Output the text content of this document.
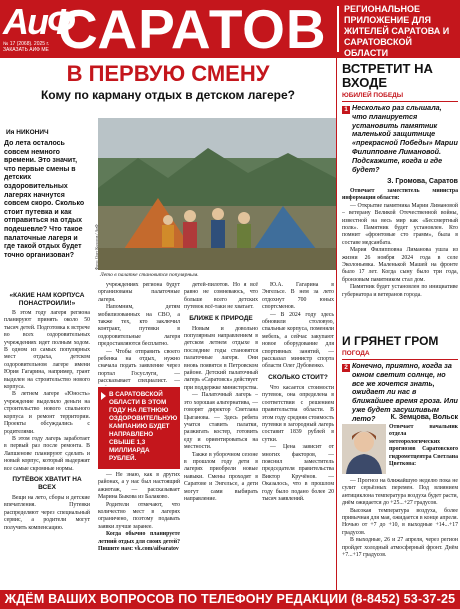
АиФ
№ 17 (2068). 2025 г.
ЗАКАЗАТЬ АИФ МЕ САРАТОВ	РЕГИОНАЛЬНОЕ ПРИЛОЖЕНИЕ ДЛЯ ЖИТЕЛЕЙ САРАТОВА И САРАТОВСКОЙ ОБЛАСТИ
В ПЕРВУЮ СМЕНУ
Кому по карману отдых в детском лагере?
Ия НИКОНИЧ
До лета осталось совсем немного времени. Это значит, что первые смены в детских оздоровительных лагерях начнутся совсем скоро. Сколько стоит путевка и как отправиться на отдых подешевле? Что такое палаточные лагеря и где такой отдых будет точно организован?
«КАКИЕ НАМ КОРПУСА ПОНАСТРОИЛИ!»

В этом году лагеря региона планируют принять около 50 тысяч детей. Подготовка к встрече во всех оздоровительных учреждениях идет полным ходом. В одном из самых популярных мест отдыха, детском оздоровительном лагере имени Юрия Гагарина, например, грант выделен на строительство нового корпуса.

В летнем лагере «Юность» учреждение выделило деньги на строительство нового спального корпуса и ремонт территории. Проекты обсуждались с родителями.

В этом году лагерь заработает в первый раз после ремонта. В Лапшенове планируют сделать и новый корпус, который выдержит все самые скромные нормы.

ПУТЁВОК ХВАТИТ НА ВСЕХ

Вещи на лето, сборы и детские впечатления. Путевки распределяют через специальный сервис, а родители могут получить компенсацию.

Фото: Олег Колосов / АиФ
Лето в палатке становится популярным.

учреждениях региона будут организованы палаточные лагеря.

Напомним, детям мобилизованных на СВО, а также тех, кто заключил контракт, путевки в оздоровительные лагеря предоставляются бесплатно.

— Чтобы отправить своего ребенка на отдых, нужно сначала подать заявление через портал Госуслуги, — рассказывает специалист. —

В САРАТОВСКОЙ ОБЛАСТИ В ЭТОМ ГОДУ НА ЛЕТНЮЮ ОЗДОРОВИТЕЛЬНУЮ КАМПАНИЮ БУДЕТ НАПРАВЛЕНО СВЫШЕ 1,3 МИЛЛИАРДА РУБЛЕЙ.

— Не знаю, как в других районах, а у нас был настоящий ажиотаж, — рассказывает Марина Быкова из Балаково.

Родители отмечают, что количество мест в лагерях ограничено, поэтому подавать заявки лучше заранее.

Когда обычно планируете летний отдых для своих детей? Пишите нам: vk.com/aifsaratov

детей-пилотов. Но я всё равно не сомневаюсь, что больше всего детских путевок всё-таки не хватает.

БЛИЖЕ К ПРИРОДЕ

Новым и довольно популярным направлением в детском летнем отдыхе в последние годы становятся палаточные лагеря. Они вновь появятся в Петровском районе. Детский палаточный лагерь «Саратовск» действует при поддержке министерства.

— Палаточный лагерь – это хорошая альтернатива, — говорит директор Светлана Цыганова. — Здесь ребята учатся ставить палатки, разжигать костер, готовить еду и ориентироваться на местности.

Также в уборочном сезоне в прошлом году дети в лагерях приобрели новые навыки. Смены проходят в Саратове и Энгельсе, а дети могут сами выбирать направление.

Ю.А. Гагарина в Энгельсе. В нем за лето отдохнут 700 юных спортсменов.

— В 2024 году здесь обновили столовую, спальные корпуса, поменяли мебель, а сейчас закупают новое оборудование для спортивных занятий, — рассказал министр спорта области Олег Дубовенко.

СКОЛЬКО СТОИТ?

Что касается стоимости путевок, она определена в соответствии с решением правительства области. В этом году средняя стоимость путевки в загородный лагерь составит 1839 рублей в сутки.

— Цена зависит от многих факторов, — пояснил заместитель председателя правительства Виктор Кручёнов. — Оказалось, что в прошлом году было подано более 20 тысяч заявлений.

ВСТРЕТИТ НА ВХОДЕ
ЮБИЛЕЙ ПОБЕДЫ
1 Несколько раз слышала, что планируется установить памятник маленькой защитнице «прекрасной Победы» Марии Филипповне Лимановой. Подскажите, когда и где будет?
З. Громова, Саратов

Отвечает заместитель министра информации области:

— Открытие памятника Марии Лимановой – ветерану Великой Отечественной войны, известной на весь мир как «Бессмертный полк». Памятник будет установлен. Кто помнит «фронтовые сто грамм», была в составе медсанбата.

Мария Филипповна Лиманова ушла из жизни 26 ноября 2024 года в селе Эколоньевка. Маленькой Машей на фронте было 17 лет. Когда сыну было три года, бронзовым памятником стал дом.

Памятник будет установлен по инициативе губернатора и ветеранов города.

И ГРЯНЕТ ГРОМ
ПОГОДА
2 Конечно, приятно, когда за окном светит солнце, но все же хочется знать, ожидает ли нас в ближайшее время гроза. Или уже будет засушливым лето?	К. Земцова, Вольск

Отвечает начальник отдела метеорологических прогнозов Саратовского гидрометцентра Светлана Цветкова:

— Прогноз на ближайшую неделю пока не сулит серьёзных перемен. Под влиянием антициклона температура воздуха будет расти, днём ожидается до +25...+27 градусов.

Высокая температура воздуха, более привычная для мая, ожидается в конце апреля. Ночью от +7 до +10, в выходные +14...+17 градусов.

В выходные, 26 и 27 апреля, через регион пройдет холодный атмосферный фронт. Днём +7...+17 градусов.

ЖДЁМ ВАШИХ ВОПРОСОВ ПО ТЕЛЕФОНУ РЕДАКЦИИ (8-8452) 53-37-25
